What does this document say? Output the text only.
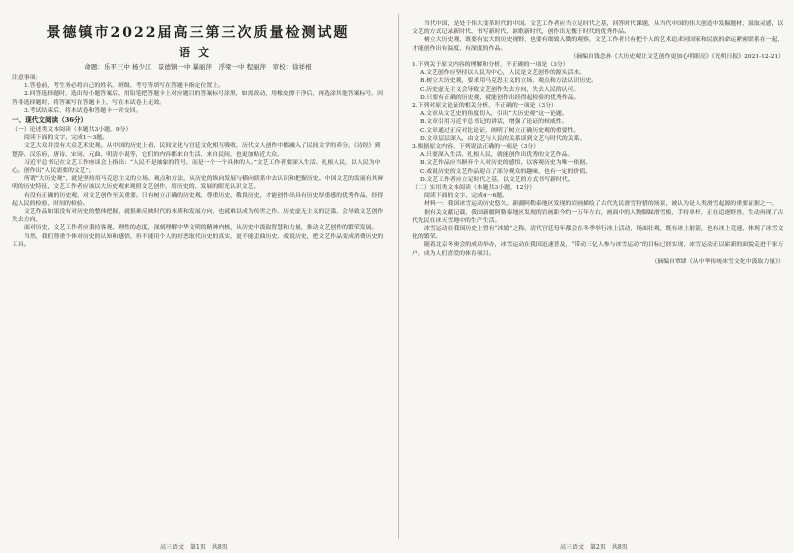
景德镇市2022届高三第三次质量检测试题
语文
命题：乐平三中 杨少江　景德镇一中 暴丽萍　浮梁一中 程丽萍　审校：徐祥根
注意事项：

1.答卷前，考生务必将自己的姓名、班级、考号等填写在答题卡指定位置上。

2.回答选择题时，选出每小题答案后，用铅笔把答题卡上对应题目的答案标号涂黑，如需改动，用橡皮擦干净后，再选涂其他答案标号。回答非选择题时，将答案写在答题卡上，写在本试卷上无效。

3.考试结束后，将本试卷和答题卡一并交回。

一、现代文阅读（36分）
（一）论述类文本阅读（本题共3小题，9分）

阅读下面的文字，完成1～3题。

文艺大众并没有大众艺术史观。从中国的历史上看，民间文化与宫廷文化相互吸收，历代文人创作中都融入了民间文学的养分。《诗经》到楚辞、汉乐府、唐诗、宋词、元曲、明清小说等，它们的内容都来自生活、来自民间，也更加贴近大众。

习近平总书记在文艺工作座谈会上指出：“人民不是抽象的符号，而是一个一个具体的人。”文艺工作者要深入生活、扎根人民，以人民为中心，创作出“人民需要的文艺”。

所谓“大历史观”，就是坚持用马克思主义的立场、观点和方法，从历史的纵向发展与横向联系中去认识和把握历史。中国文艺的发展有其鲜明的历史特征，文艺工作者应该以大历史观来观照文艺创作，用历史的、发展的眼光认识文艺。

有没有正确的历史观，对文艺创作至关重要。只有树立正确的历史观，尊重历史、敬畏历史，才能创作出具有历史厚重感的优秀作品，经得起人民的检验、时间的检验。

文艺作品如果没有对历史的整体把握，就很难反映时代的本质和发展方向，也就难以成为传世之作。历史虚无主义的泛滥，会导致文艺创作失去方向。

面对历史，文艺工作者应秉持客观、理性的态度，深刻理解中华文明的精神内核，从历史中汲取智慧和力量，推动文艺创作的繁荣发展。

当然，我们尊重个体对历史的认知和感悟，但不能用个人的好恶取代历史的真实，更不能歪曲历史、戏说历史，把文艺作品变成消费历史的工具。

当代中国，是处于伟大变革时代的中国。文艺工作者应当立足时代之基，回答时代课题，从当代中国的伟大创造中发掘题材、汲取灵感，以文艺的方式记录新时代、书写新时代、讴歌新时代，创作出无愧于时代的优秀作品。

树立大历史观，既要有宏大的历史视野，也要有细致入微的观察。文艺工作者只有把个人的艺术追求同国家和民族的命运紧密联系在一起，才能创作出有温度、有深度的作品。

（摘编自钱念孙《大历史观让文艺创作更加心明眼亮》《光明日报》2021-12-21）
1.下列关于原文内容的理解和分析，不正确的一项是（3分）
A.文艺创作应坚持以人民为中心，人民是文艺创作的源头活水。
B.树立大历史观，要求用马克思主义的立场、观点和方法认识历史。
C.历史虚无主义会导致文艺创作失去方向，失去人民的认可。
D.只要有正确的历史观，就能创作出经得起检验的优秀作品。
2.下列对原文论证的相关分析，不正确的一项是（3分）
A.文章从文艺史的角度切入，引出“大历史观”这一论题。
B.文章引用习近平总书记的讲话，增强了论证的权威性。
C.文章通过正反对比论证，阐明了树立正确历史观的重要性。
D.文章层层深入，由文艺与人民的关系谈到文艺与时代的关系。
3.根据原文内容，下列说法正确的一项是（3分）
A.只要深入生活、扎根人民，就能创作出优秀的文艺作品。
B.文艺作品应当摒弃个人对历史的感悟，以客观历史为唯一依据。
C.戏说历史的文艺作品迎合了部分观众的趣味，也有一定的价值。
D.文艺工作者应立足时代之基，以文艺的方式书写新时代。
（二）实用类文本阅读（本题共3小题，12分）

阅读下面的文字，完成4～6题。

材料一：我国冰雪运动历史悠久。新疆阿勒泰地区发现的岩画描绘了古代先民滑雪狩猎的场景，被认为是人类滑雪起源的重要证据之一。

据有关文献记载，我国新疆阿勒泰地区发现的岩画距今约一万年左右，画面中的人物脚踩滑雪板，手持单杆，正在追逐野兽，生动再现了古代先民在冰天雪地中的生产生活。

冰雪运动在我国历史上曾有“冰嬉”之称。清代宫廷每年都会在冬季举行冰上活动，场面壮观，既有冰上射箭，也有冰上竞速，体现了冰雪文化的繁荣。

随着北京冬奥会的成功举办，冰雪运动在我国迅速普及，“带动三亿人参与冰雪运动”的目标已经实现，冰雪运动正以崭新的面貌走进千家万户，成为人们喜爱的体育项目。

（摘编自覃肆《从中华传统冰雪文化中汲取力量》）
高三语文　第1页　共8页	高三语文　第2页　共8页
